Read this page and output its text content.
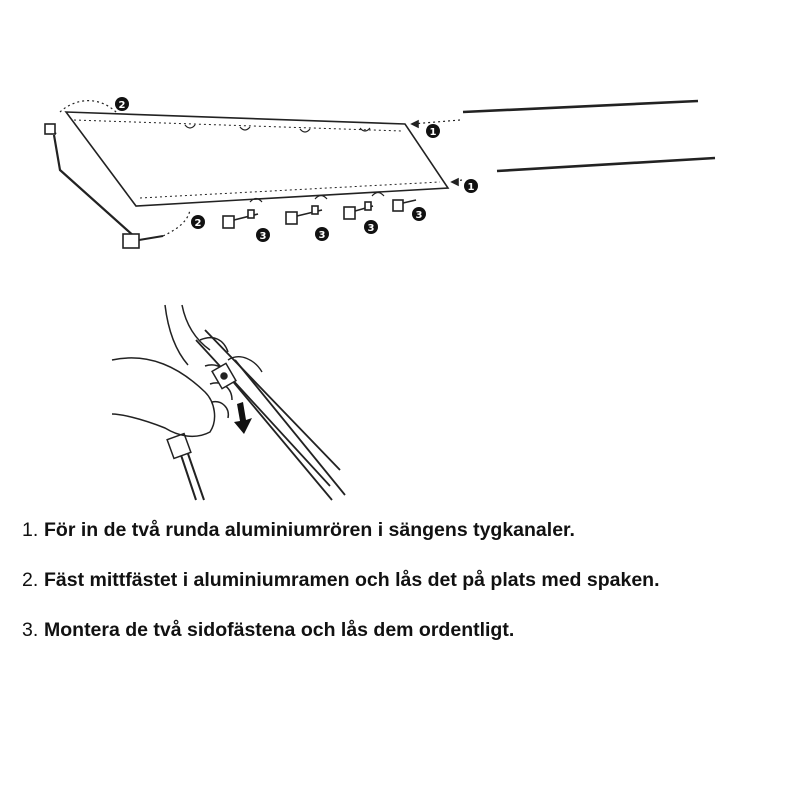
2
1
1
2
3	3
3
3
1. För in de två runda aluminiumrören i sängens tygkanaler.
2. Fäst mittfästet i aluminiumramen och lås det på plats med spaken.
3. Montera de två sidofästena och lås dem ordentligt.
